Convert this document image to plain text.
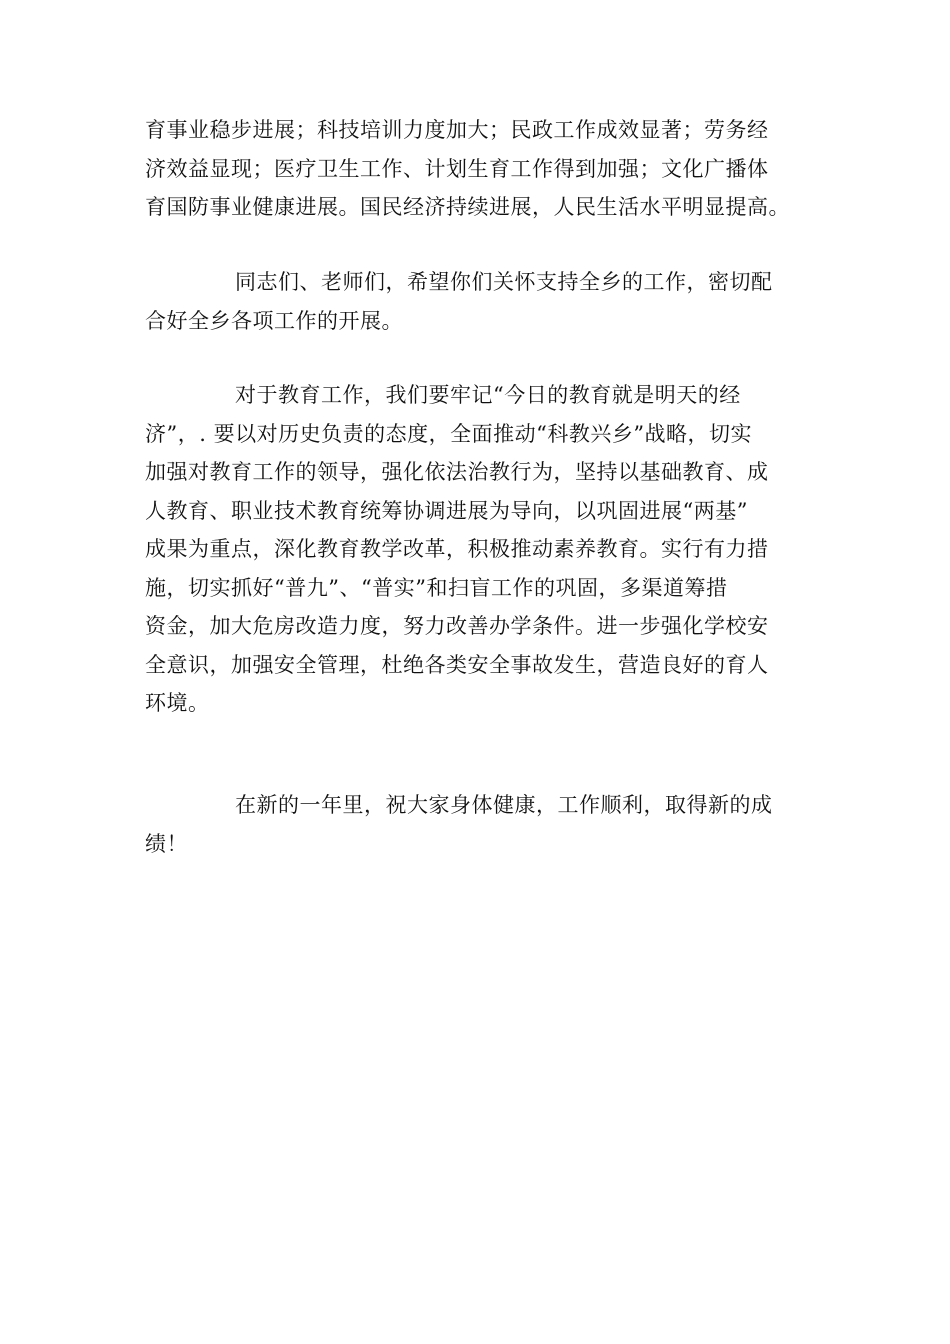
育事业稳步进展；科技培训力度加大；民政工作成效显著；劳务经
济效益显现；医疗卫生工作、计划生育工作得到加强；文化广播体
育国防事业健康进展。国民经济持续进展，人民生活水平明显提高。
同志们、老师们，希望你们关怀支持全乡的工作，密切配
合好全乡各项工作的开展。
对于教育工作，我们要牢记“今日的教育就是明天的经
济”，. 要以对历史负责的态度，全面推动“科教兴乡”战略，切实
加强对教育工作的领导，强化依法治教行为，坚持以基础教育、成
人教育、职业技术教育统筹协调进展为导向，以巩固进展“两基”
成果为重点，深化教育教学改革，积极推动素养教育。实行有力措
施，切实抓好“普九”、“普实”和扫盲工作的巩固，多渠道筹措
资金，加大危房改造力度，努力改善办学条件。进一步强化学校安
全意识，加强安全管理，杜绝各类安全事故发生，营造良好的育人
环境。
在新的一年里，祝大家身体健康，工作顺利，取得新的成
绩！
